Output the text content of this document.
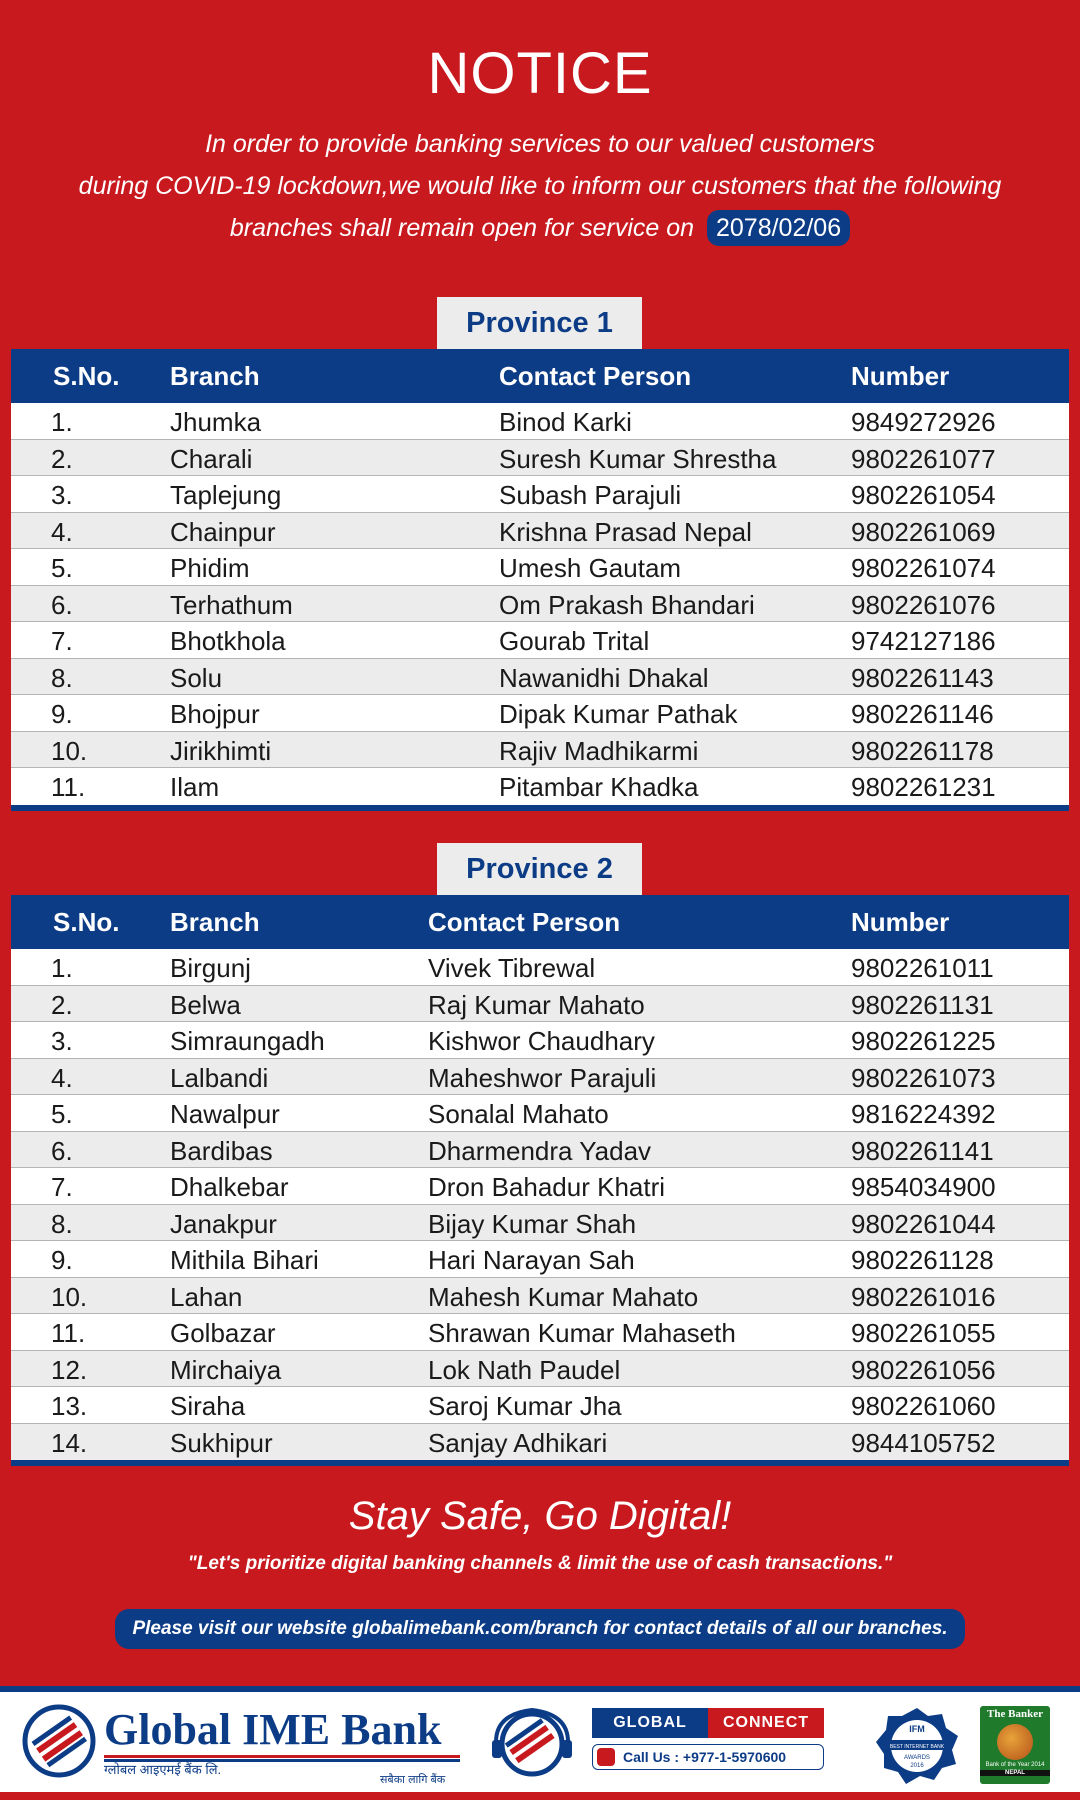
NOTICE
In order to provide banking services to our valued customers
during COVID-19 lockdown,we would like to inform our customers that the following
branches shall remain open for service on 2078/02/06
Province 1
S.No. Branch	Contact Person	Number
1.	Jhumka	Binod Karki	9849272926
2.	Charali	Suresh Kumar Shrestha	9802261077
3.	Taplejung	Subash Parajuli	9802261054
4.	Chainpur	Krishna Prasad Nepal	9802261069
5.	Phidim	Umesh Gautam	9802261074
6.	Terhathum	Om Prakash Bhandari	9802261076
7.	Bhotkhola	Gourab Trital	9742127186
8.	Solu	Nawanidhi Dhakal	9802261143
9.	Bhojpur	Dipak Kumar Pathak	9802261146
10.	Jirikhimti	Rajiv Madhikarmi	9802261178
11.	Ilam	Pitambar Khadka	9802261231
Province 2
S.No. Branch	Contact Person	Number
1.	Birgunj	Vivek Tibrewal	9802261011
2.	Belwa	Raj Kumar Mahato	9802261131
3.	Simraungadh	Kishwor Chaudhary	9802261225
4.	Lalbandi	Maheshwor Parajuli	9802261073
5.	Nawalpur	Sonalal Mahato	9816224392
6.	Bardibas	Dharmendra Yadav	9802261141
7.	Dhalkebar	Dron Bahadur Khatri	9854034900
8.	Janakpur	Bijay Kumar Shah	9802261044
9.	Mithila Bihari	Hari Narayan Sah	9802261128
10.	Lahan	Mahesh Kumar Mahato	9802261016
11.	Golbazar	Shrawan Kumar Mahaseth	9802261055
12.	Mirchaiya	Lok Nath Paudel	9802261056
13.	Siraha	Saroj Kumar Jha	9802261060
14.	Sukhipur	Sanjay Adhikari	9844105752
Stay Safe, Go Digital!
"Let's prioritize digital banking channels & limit the use of cash transactions."
Please visit our website globalimebank.com/branch for contact details of all our branches.
Global IME Bank
ग्लोबल आइएमई बैंक लि.
सबैका लागि बैंक
GLOBAL	CONNECT
Call Us : +977-1-5970600
IFM
BEST INTERNET BANK
AWARDS
2016
The Banker
Bank of the Year 2014
NEPAL
